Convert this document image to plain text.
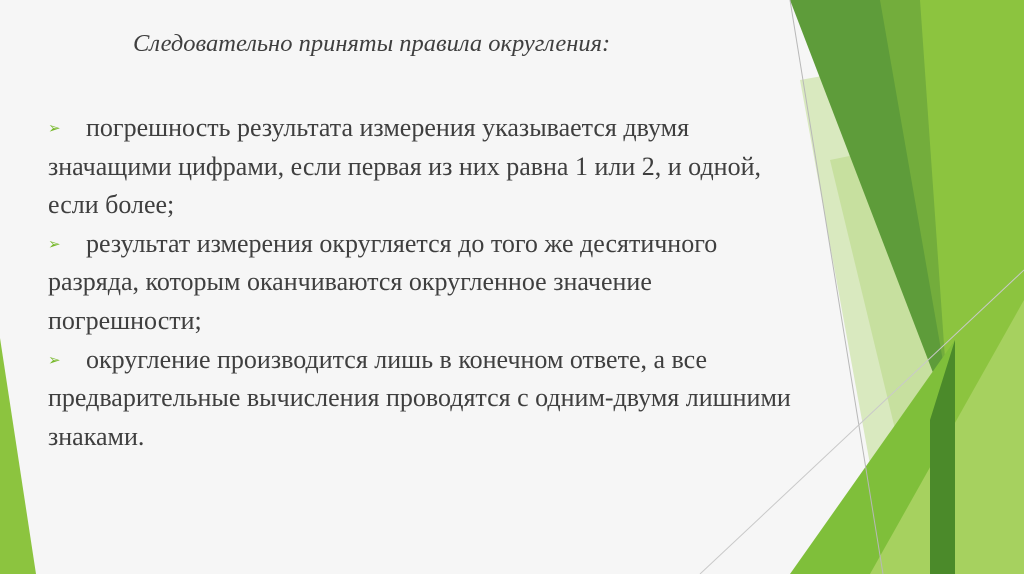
Следовательно приняты правила округления:

➢ погрешность результата измерения указывается двумя значащими цифрами, если первая из них равна 1 или 2, и одной, если более;

➢ результат измерения округляется до того же десятичного разряда, которым оканчиваются округленное значение погрешности;

➢ округление производится лишь в конечном ответе, а все предварительные вычисления проводятся с одним-двумя лишними знаками.
